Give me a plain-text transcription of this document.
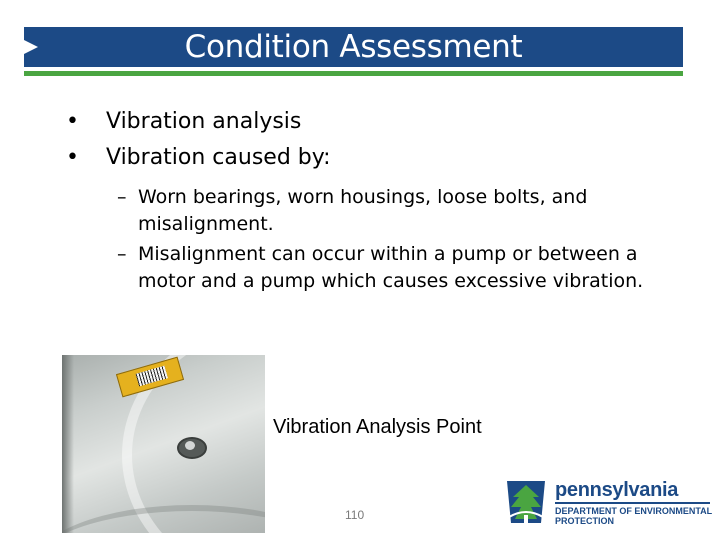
Condition Assessment
• Vibration analysis
• Vibration caused by:
– Worn bearings, worn housings, loose bolts, and misalignment.
– Misalignment can occur within a pump or between a motor and a pump which causes excessive vibration.
Vibration Analysis Point
110
pennsylvania
DEPARTMENT OF ENVIRONMENTAL
PROTECTION
